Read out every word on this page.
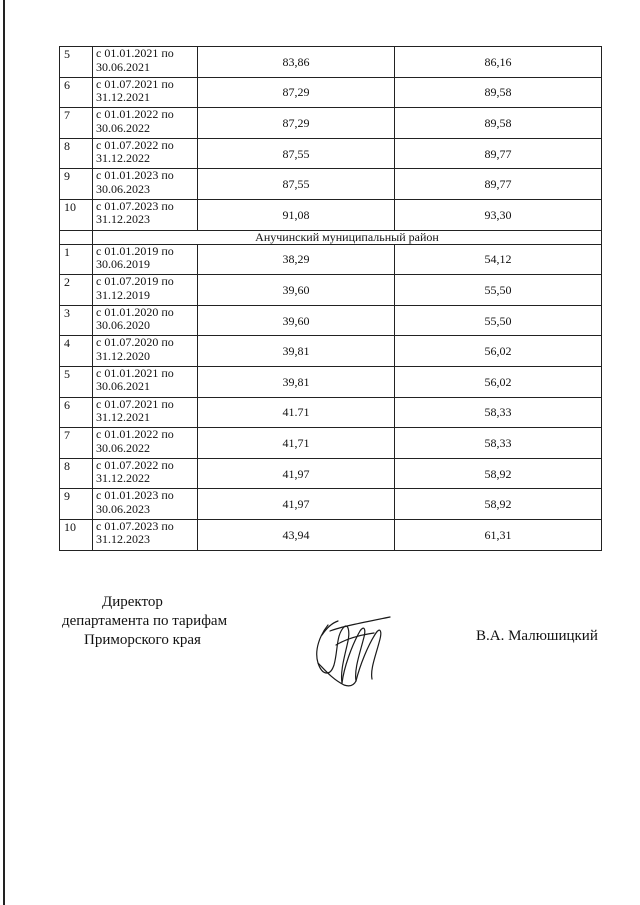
5	с 01.01.2021 по
30.06.2021	83,86	86,16
6	с 01.07.2021 по
31.12.2021	87,29	89,58
7	с 01.01.2022 по
30.06.2022	87,29	89,58
8	с 01.07.2022 по
31.12.2022	87,55	89,77
9	с 01.01.2023 по
30.06.2023	87,55	89,77
10	с 01.07.2023 по
31.12.2023	91,08	93,30
	Анучинский муниципальный район		
1	с 01.01.2019 по
30.06.2019	38,29	54,12
2	с 01.07.2019 по
31.12.2019	39,60	55,50
3	с 01.01.2020 по
30.06.2020	39,60	55,50
4	с 01.07.2020 по
31.12.2020	39,81	56,02
5	с 01.01.2021 по
30.06.2021	39,81	56,02
6	с 01.07.2021 по
31.12.2021	41.71	58,33
7	с 01.01.2022 по
30.06.2022	41,71	58,33
8	с 01.07.2022 по
31.12.2022	41,97	58,92
9	с 01.01.2023 по
30.06.2023	41,97	58,92
10	с 01.07.2023 по
31.12.2023	43,94	61,31
Директор
департамента по тарифам
Приморского края	В.А. Малюшицкий
